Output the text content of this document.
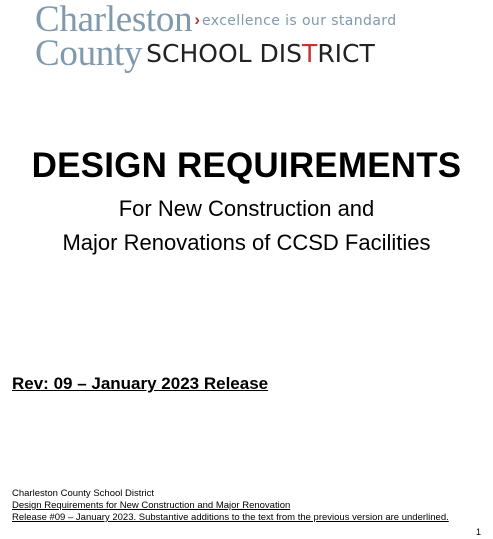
Charleston › excellence is our standard
County SCHOOL DISTRICT
DESIGN REQUIREMENTS
For New Construction and
Major Renovations of CCSD Facilities
Rev: 09 – January 2023 Release
Charleston County School District
Design Requirements for New Construction and Major Renovation
Release #09 – January 2023. Substantive additions to the text from the previous version are underlined.
1
